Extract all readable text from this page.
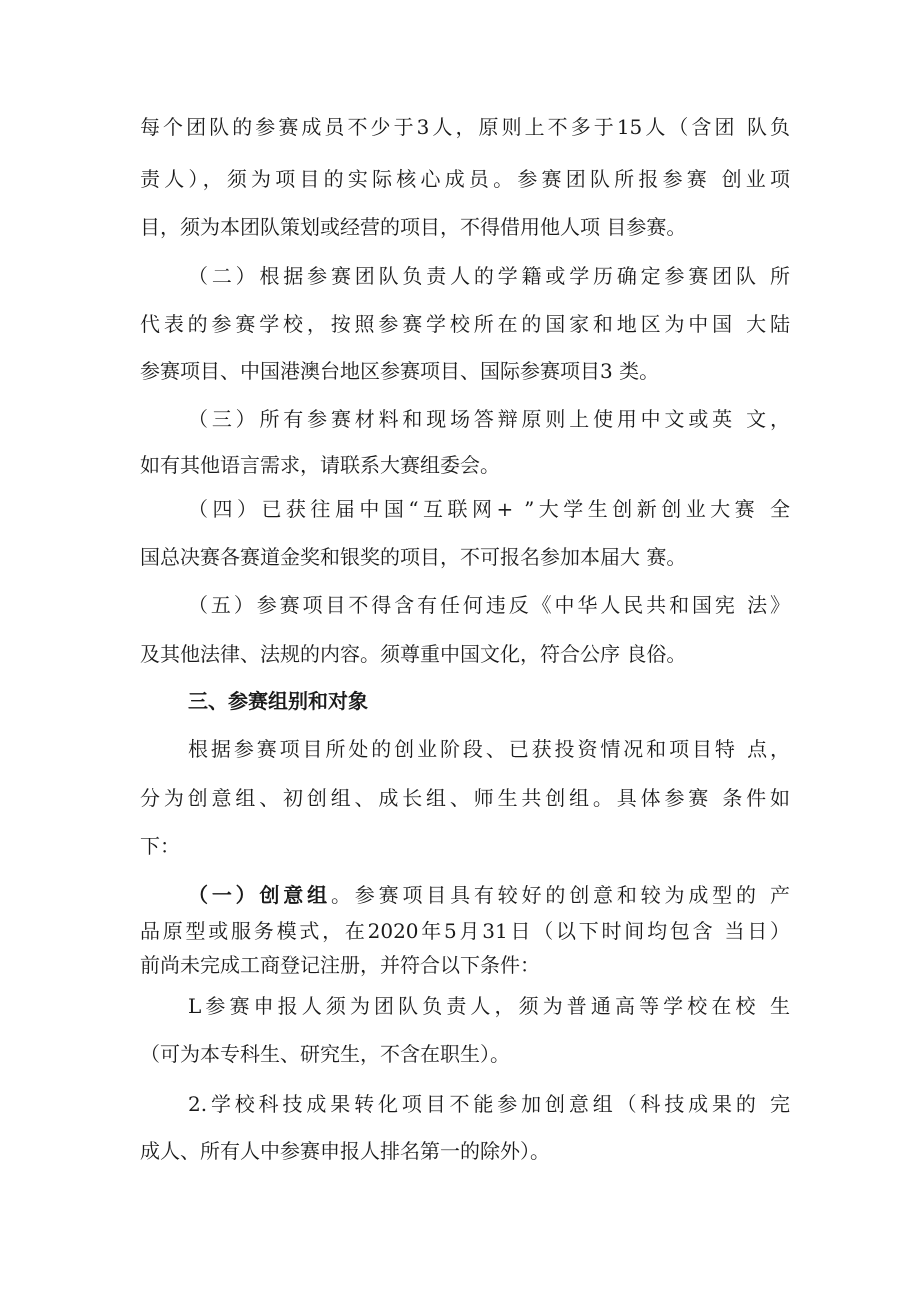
每个团队的参赛成员不少于3人，原则上不多于15人（含团 队负
责人），须为项目的实际核心成员。参赛团队所报参赛 创业项
目，须为本团队策划或经营的项目，不得借用他人项 目参赛。
（二）根据参赛团队负责人的学籍或学历确定参赛团队 所
代表的参赛学校，按照参赛学校所在的国家和地区为中国 大陆
参赛项目、中国港澳台地区参赛项目、国际参赛项目3 类。
（三）所有参赛材料和现场答辩原则上使用中文或英 文，
如有其他语言需求，请联系大赛组委会。
（四）已获往届中国“互联网+ ”大学生创新创业大赛 全
国总决赛各赛道金奖和银奖的项目，不可报名参加本届大 赛。
（五）参赛项目不得含有任何违反《中华人民共和国宪 法》
及其他法律、法规的内容。须尊重中国文化，符合公序 良俗。
三、参赛组别和对象
根据参赛项目所处的创业阶段、已获投资情况和项目特 点，
分为创意组、初创组、成长组、师生共创组。具体参赛 条件如
下：
（一）创意组。参赛项目具有较好的创意和较为成型的 产
品原型或服务模式，在2020年5月31日（以下时间均包含 当日）
前尚未完成工商登记注册，并符合以下条件：
L参赛申报人须为团队负责人，须为普通高等学校在校 生
（可为本专科生、研究生，不含在职生）。
2.学校科技成果转化项目不能参加创意组（科技成果的 完
成人、所有人中参赛申报人排名第一的除外）。
